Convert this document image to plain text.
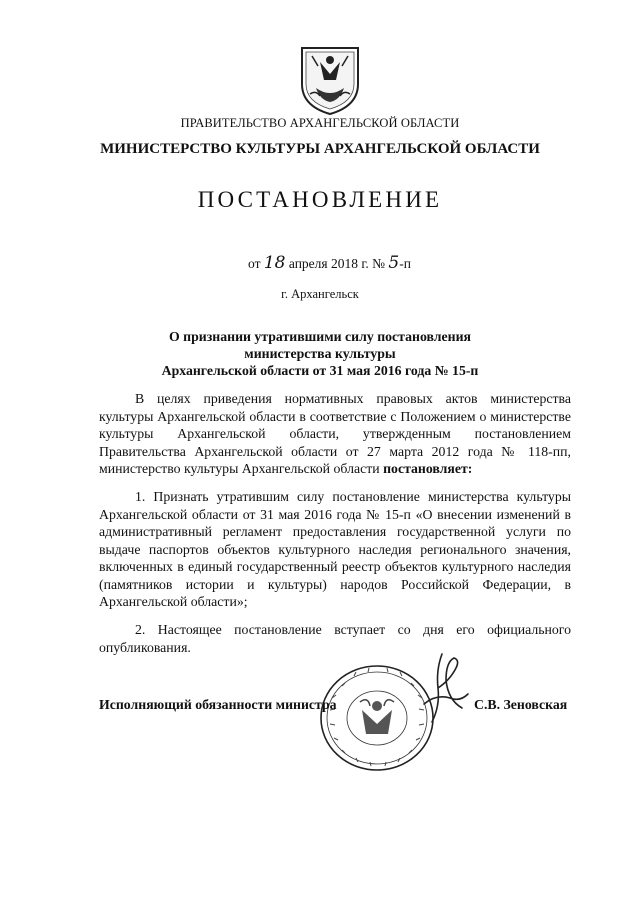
ПРАВИТЕЛЬСТВО АРХАНГЕЛЬСКОЙ ОБЛАСТИ
МИНИСТЕРСТВО КУЛЬТУРЫ АРХАНГЕЛЬСКОЙ ОБЛАСТИ
ПОСТАНОВЛЕНИЕ
от 18 апреля 2018 г. № 5-п
г. Архангельск
О признании утратившими силу постановления
министерства культуры
Архангельской области от 31 мая 2016 года № 15-п
В целях приведения нормативных правовых актов министерства культуры Архангельской области в соответствие с Положением о министерстве культуры Архангельской области, утвержденным постановлением Правительства Архангельской области от 27 марта 2012 года № 118-пп, министерство культуры Архангельской области постановляет:
1. Признать утратившим силу постановление министерства культуры Архангельской области от 31 мая 2016 года № 15-п «О внесении изменений в административный регламент предоставления государственной услуги по выдаче паспортов объектов культурного наследия регионального значения, включенных в единый государственный реестр объектов культурного наследия (памятников истории и культуры) народов Российской Федерации, в Архангельской области»;
2. Настоящее постановление вступает со дня его официального опубликования.
Исполняющий обязанности министра	С.В. Зеновская
